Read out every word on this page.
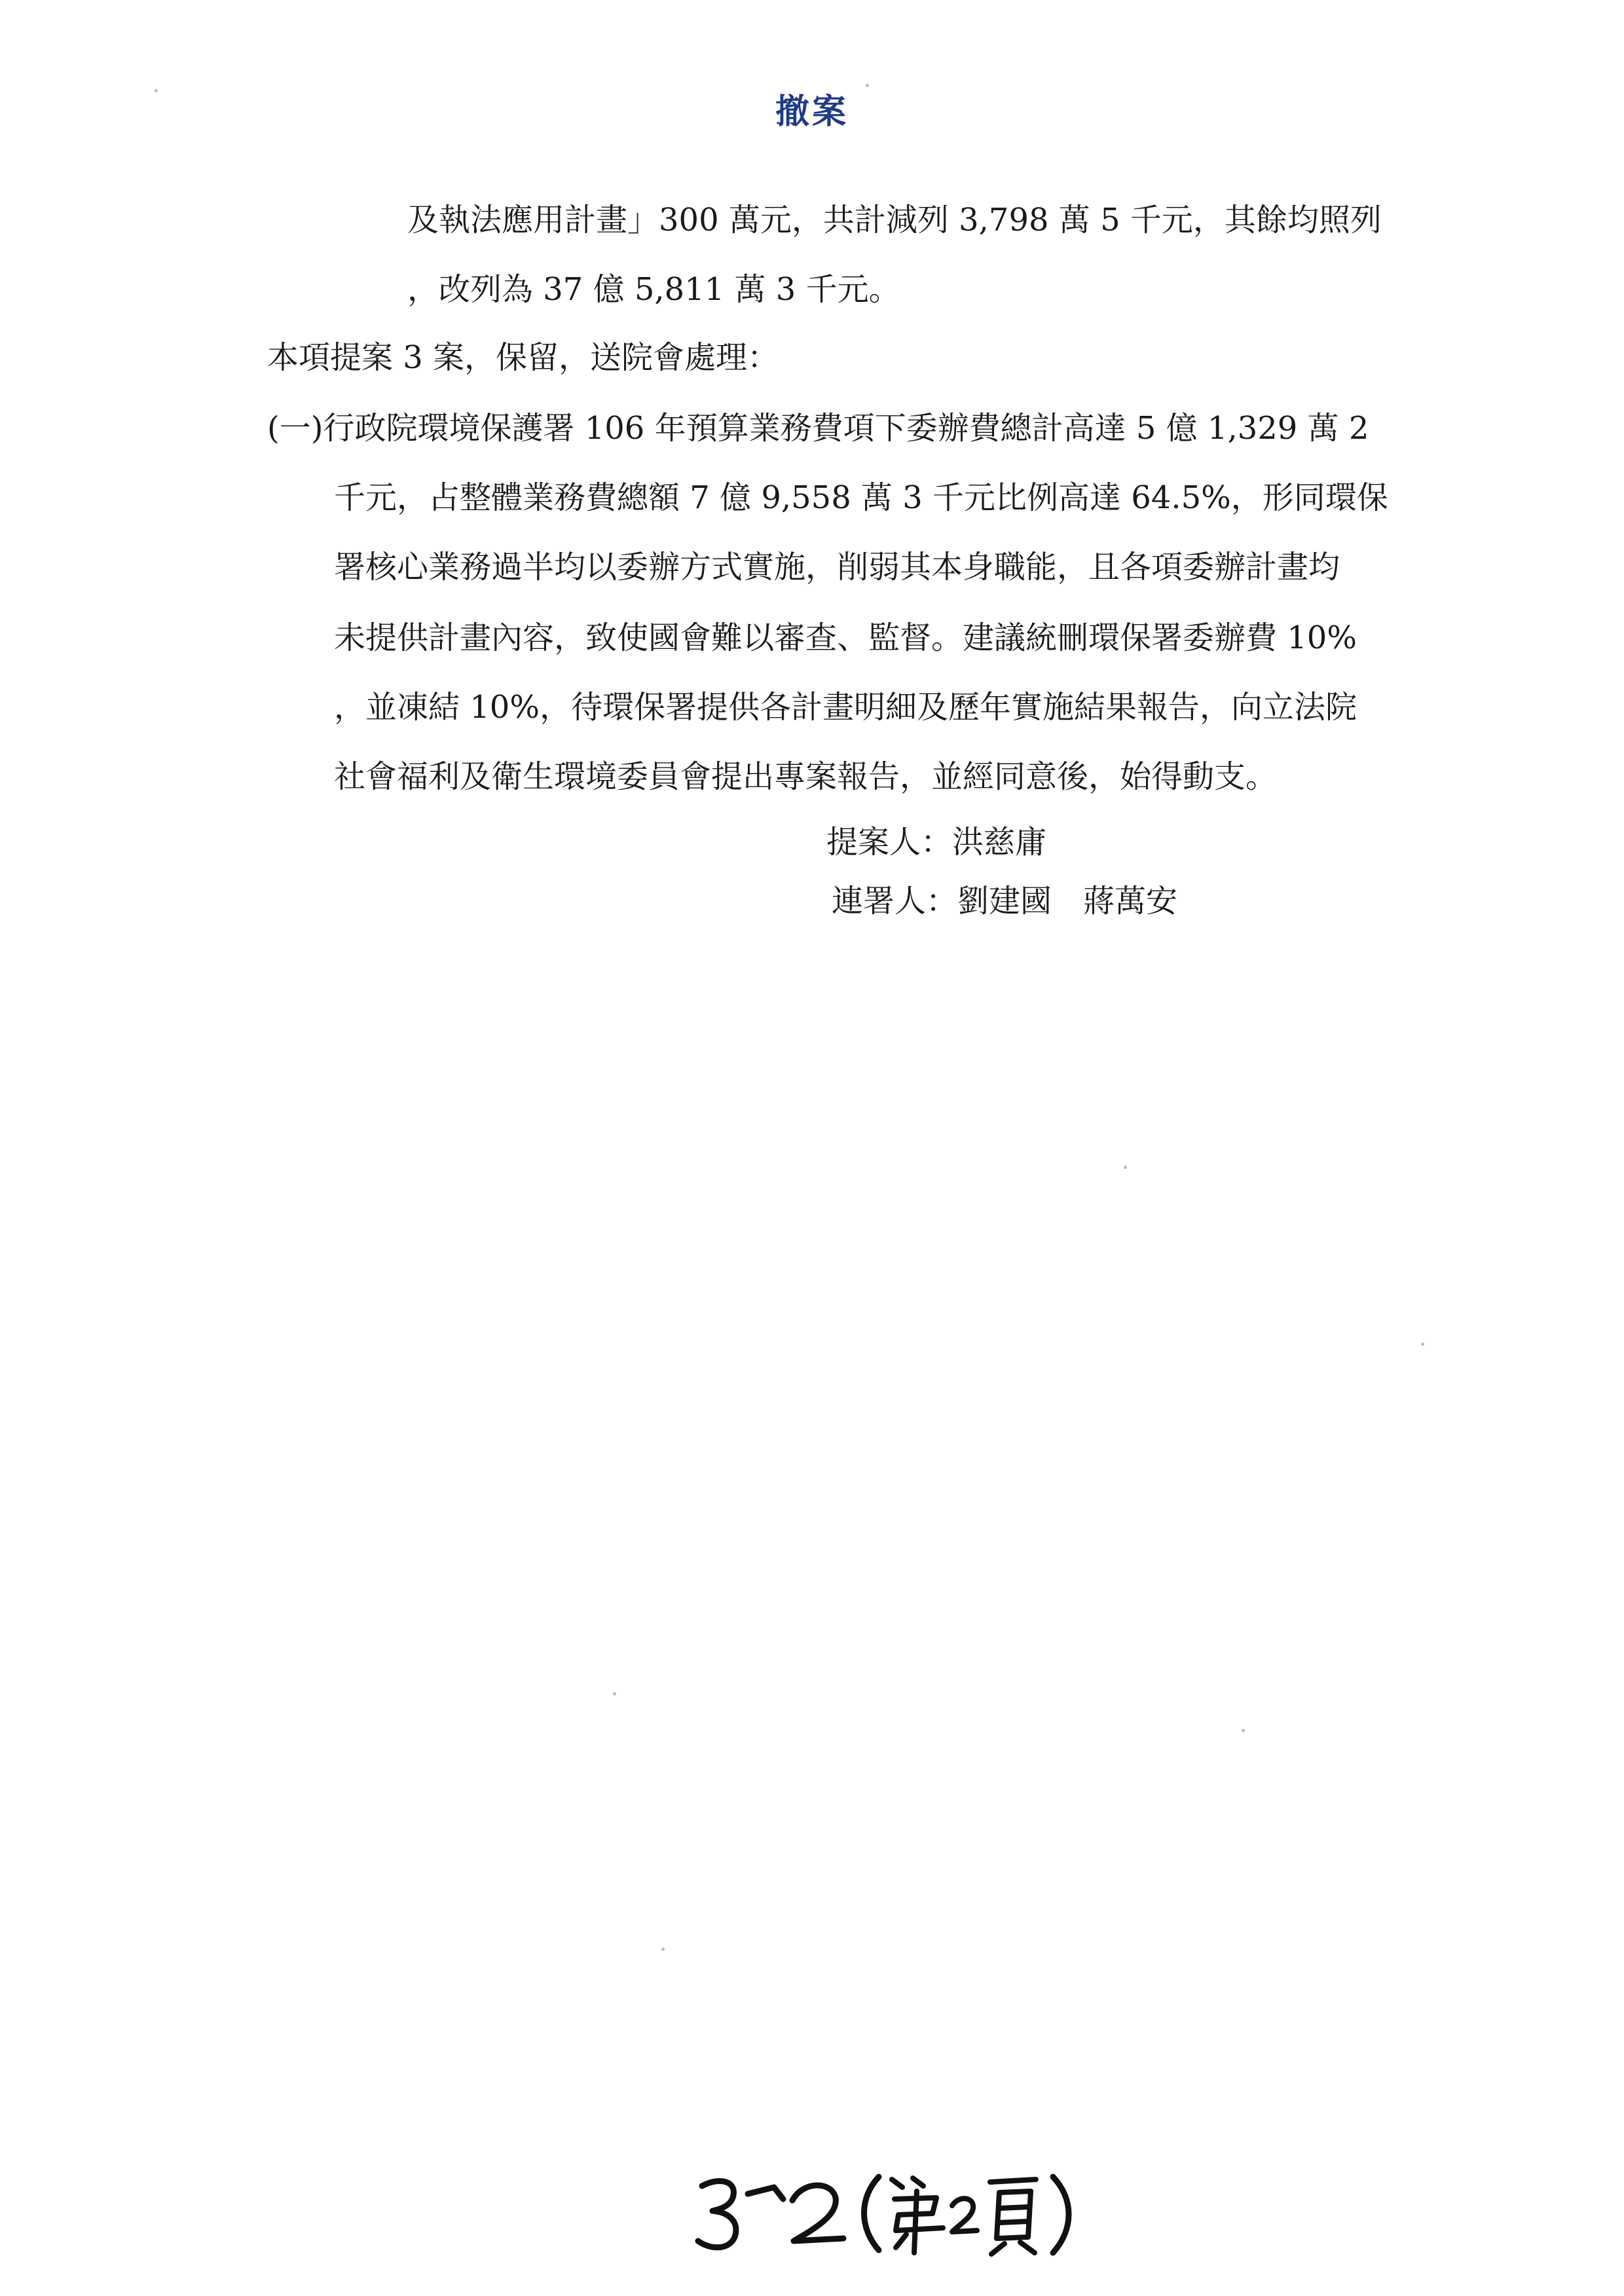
撤案
及執法應用計畫」300 萬元，共計減列 3,798 萬 5 千元，其餘均照列
，改列為 37 億 5,811 萬 3 千元。
本項提案 3 案，保留，送院會處理：
(一)行政院環境保護署 106 年預算業務費項下委辦費總計高達 5 億 1,329 萬 2
千元，占整體業務費總額 7 億 9,558 萬 3 千元比例高達 64.5%，形同環保
署核心業務過半均以委辦方式實施，削弱其本身職能，且各項委辦計畫均
未提供計畫內容，致使國會難以審查、監督。建議統刪環保署委辦費 10%
，並凍結 10%，待環保署提供各計畫明細及歷年實施結果報告，向立法院
社會福利及衛生環境委員會提出專案報告，並經同意後，始得動支。
提案人：洪慈庸
連署人：劉建國　蔣萬安
